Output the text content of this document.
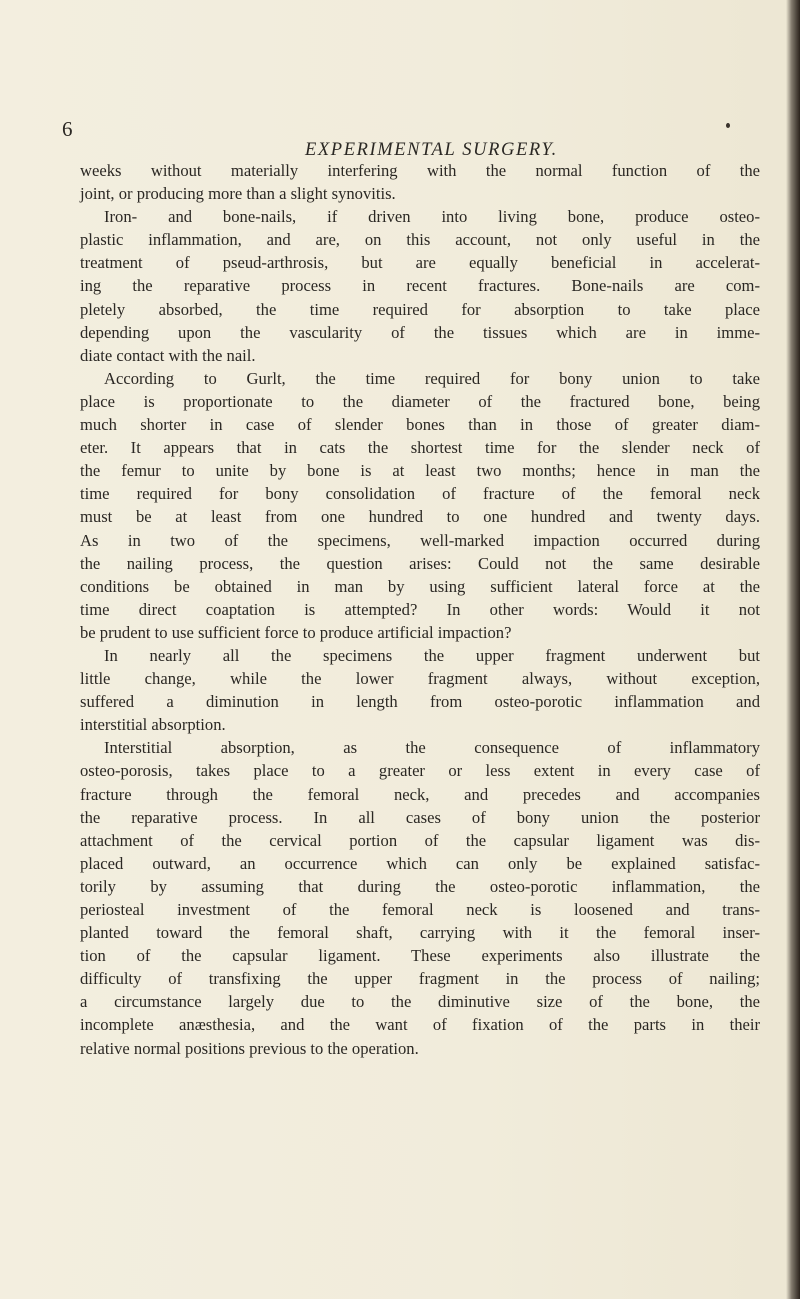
6
EXPERIMENTAL SURGERY.
weeks without materially interfering with the normal function of the
joint, or producing more than a slight synovitis.
Iron- and bone-nails, if driven into living bone, produce osteo-
plastic inflammation, and are, on this account, not only useful in the
treatment of pseud-arthrosis, but are equally beneficial in accelerat-
ing the reparative process in recent fractures. Bone-nails are com-
pletely absorbed, the time required for absorption to take place
depending upon the vascularity of the tissues which are in imme-
diate contact with the nail.
According to Gurlt, the time required for bony union to take
place is proportionate to the diameter of the fractured bone, being
much shorter in case of slender bones than in those of greater diam-
eter. It appears that in cats the shortest time for the slender neck of
the femur to unite by bone is at least two months; hence in man the
time required for bony consolidation of fracture of the femoral neck
must be at least from one hundred to one hundred and twenty days.
As in two of the specimens, well-marked impaction occurred during
the nailing process, the question arises: Could not the same desirable
conditions be obtained in man by using sufficient lateral force at the
time direct coaptation is attempted? In other words: Would it not
be prudent to use sufficient force to produce artificial impaction?
In nearly all the specimens the upper fragment underwent but
little change, while the lower fragment always, without exception,
suffered a diminution in length from osteo-porotic inflammation and
interstitial absorption.
Interstitial absorption, as the consequence of inflammatory
osteo-porosis, takes place to a greater or less extent in every case of
fracture through the femoral neck, and precedes and accompanies
the reparative process. In all cases of bony union the posterior
attachment of the cervical portion of the capsular ligament was dis-
placed outward, an occurrence which can only be explained satisfac-
torily by assuming that during the osteo-porotic inflammation, the
periosteal investment of the femoral neck is loosened and trans-
planted toward the femoral shaft, carrying with it the femoral inser-
tion of the capsular ligament. These experiments also illustrate the
difficulty of transfixing the upper fragment in the process of nailing;
a circumstance largely due to the diminutive size of the bone, the
incomplete anæsthesia, and the want of fixation of the parts in their
relative normal positions previous to the operation.
